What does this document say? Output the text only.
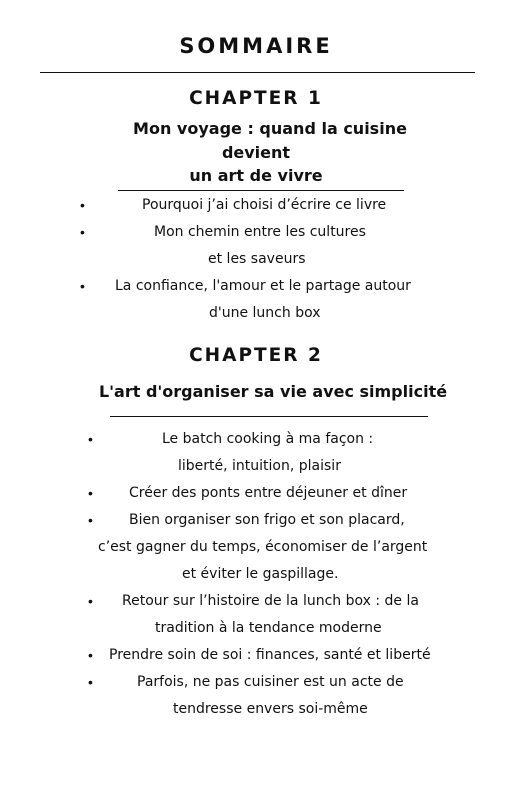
SOMMAIRE
CHAPTER 1
Mon voyage : quand la cuisine
devient
un art de vivre
•	Pourquoi j’ai choisi d’écrire ce livre
•	Mon chemin entre les cultures
et les saveurs
• La confiance, l'amour et le partage autour
d'une lunch box
CHAPTER 2
L'art d'organiser sa vie avec simplicité
•	Le batch cooking à ma façon :
liberté, intuition, plaisir
•	Créer des ponts entre déjeuner et dîner
•	Bien organiser son frigo et son placard,
c’est gagner du temps, économiser de l’argent
et éviter le gaspillage.
• Retour sur l’histoire de la lunch box : de la
tradition à la tendance moderne
• Prendre soin de soi : finances, santé et liberté
•	Parfois, ne pas cuisiner est un acte de
tendresse envers soi-même
